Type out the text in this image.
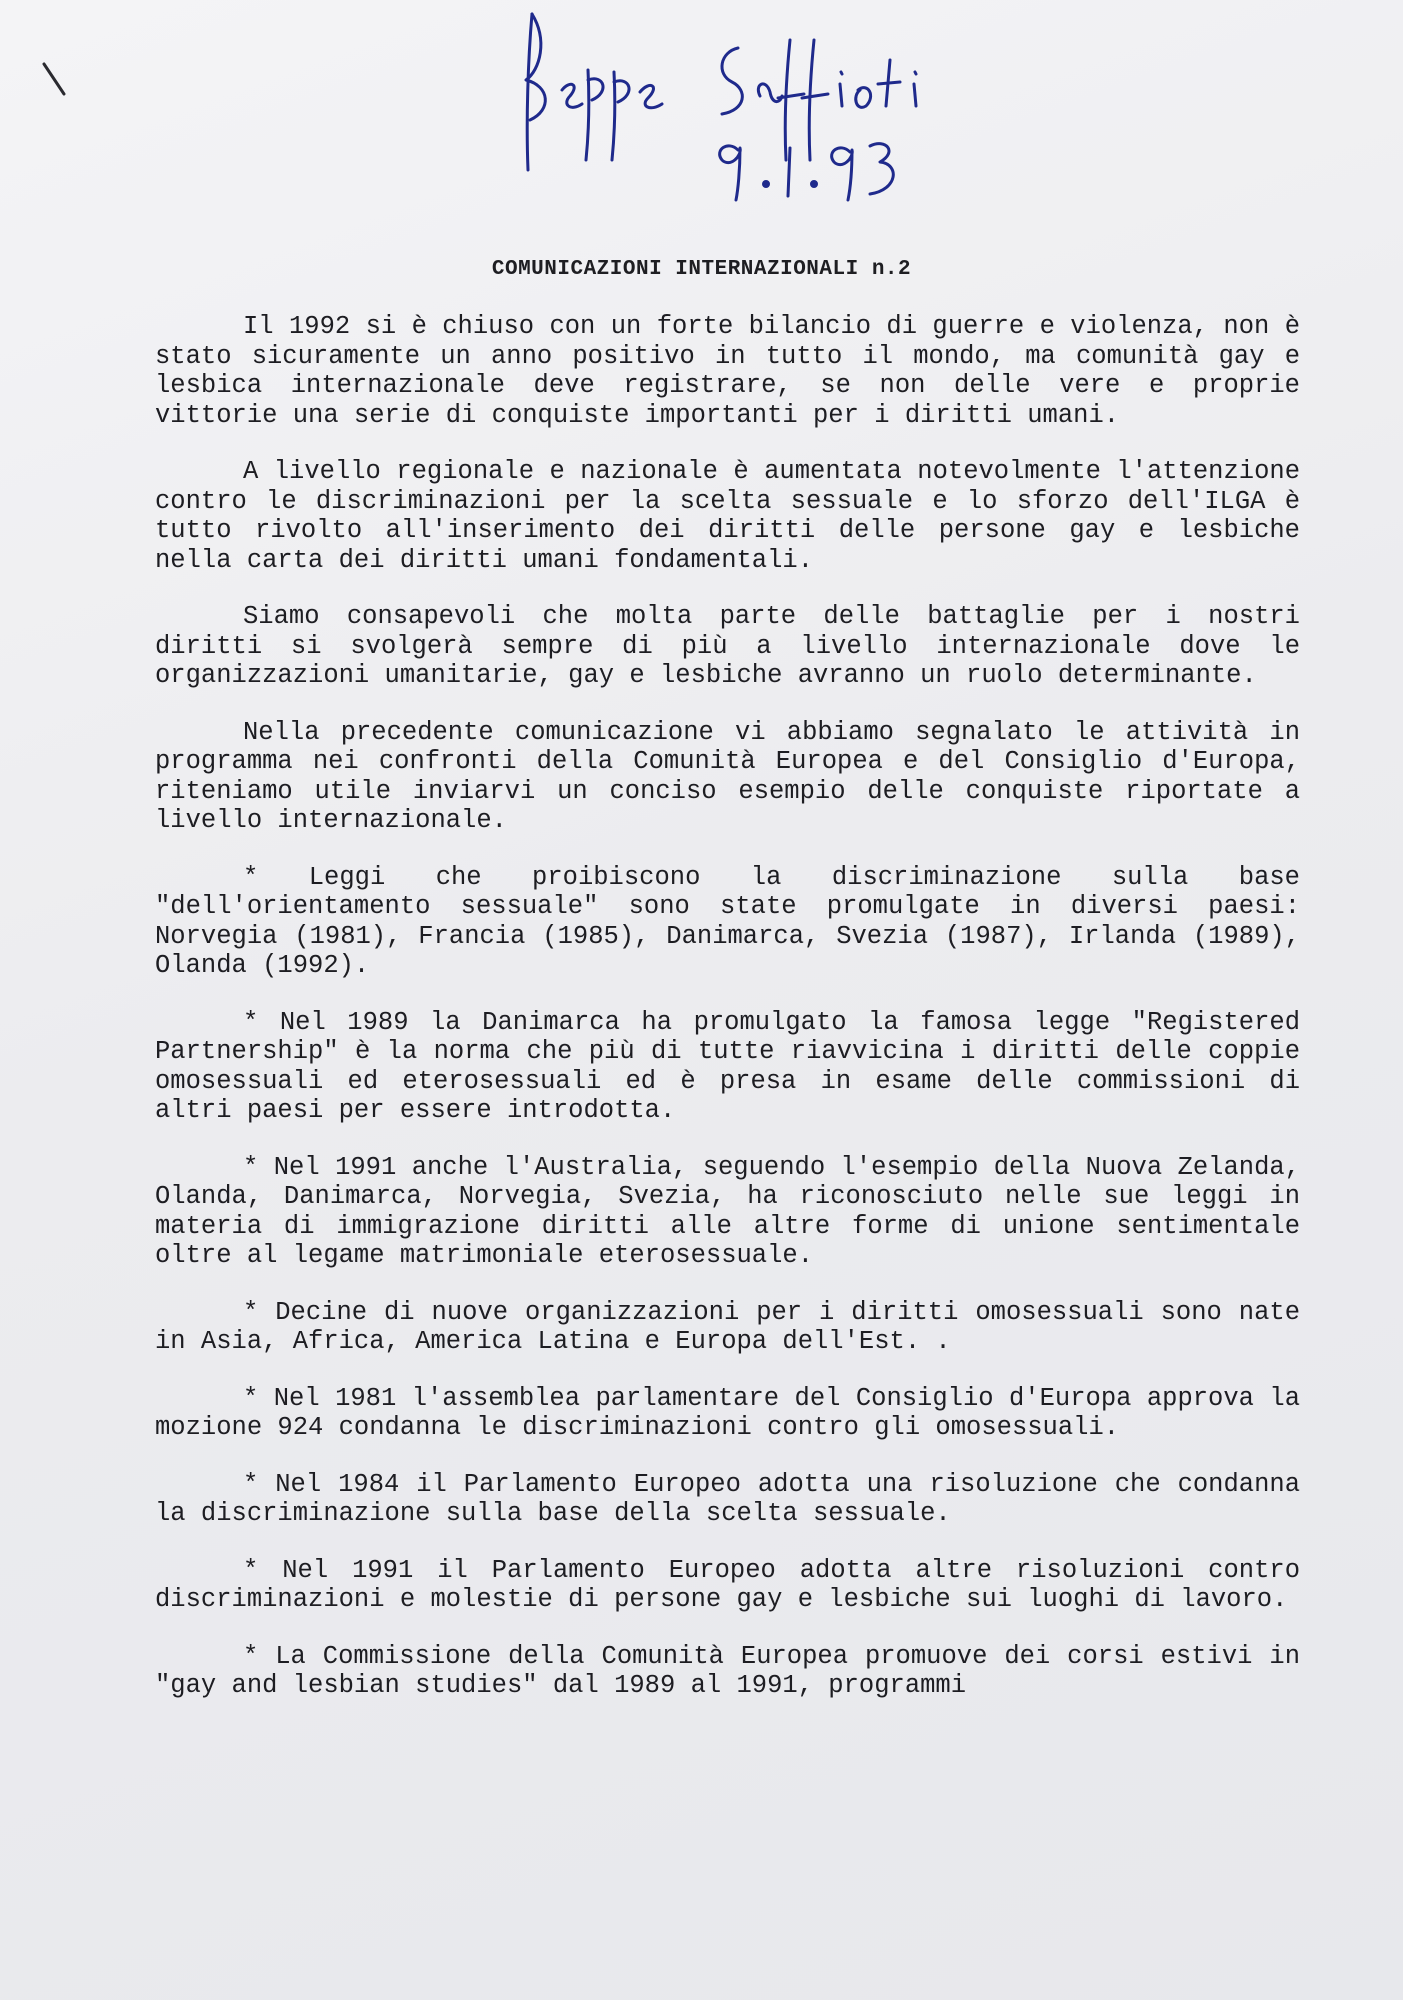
COMUNICAZIONI INTERNAZIONALI n.2

Il 1992 si è chiuso con un forte bilancio di guerre e violenza, non è stato sicuramente un anno positivo in tutto il mondo, ma comunità gay e lesbica internazionale deve registrare, se non delle vere e proprie vittorie una serie di conquiste importanti per i diritti umani.

A livello regionale e nazionale è aumentata notevolmente l'attenzione contro le discriminazioni per la scelta sessuale e lo sforzo dell'ILGA è tutto rivolto all'inserimento dei diritti delle persone gay e lesbiche nella carta dei diritti umani fondamentali.

Siamo consapevoli che molta parte delle battaglie per i nostri diritti si svolgerà sempre di più a livello internazionale dove le organizzazioni umanitarie, gay e lesbiche avranno un ruolo determinante.

Nella precedente comunicazione vi abbiamo segnalato le attività in programma nei confronti della Comunità Europea e del Consiglio d'Europa, riteniamo utile inviarvi un conciso esempio delle conquiste riportate a livello internazionale.

* Leggi che proibiscono la discriminazione sulla base "dell'orientamento sessuale" sono state promulgate in diversi paesi: Norvegia (1981), Francia (1985), Danimarca, Svezia (1987), Irlanda (1989), Olanda (1992).

* Nel 1989 la Danimarca ha promulgato la famosa legge "Registered Partnership" è la norma che più di tutte riavvicina i diritti delle coppie omosessuali ed eterosessuali ed è presa in esame delle commissioni di altri paesi per essere introdotta.

* Nel 1991 anche l'Australia, seguendo l'esempio della Nuova Zelanda, Olanda, Danimarca, Norvegia, Svezia, ha riconosciuto nelle sue leggi in materia di immigrazione diritti alle altre forme di unione sentimentale oltre al legame matrimoniale eterosessuale.

* Decine di nuove organizzazioni per i diritti omosessuali sono nate in Asia, Africa, America Latina e Europa dell'Est. .

* Nel 1981 l'assemblea parlamentare del Consiglio d'Europa approva la mozione 924 condanna le discriminazioni contro gli omosessuali.

* Nel 1984 il Parlamento Europeo adotta una risoluzione che condanna la discriminazione sulla base della scelta sessuale.

* Nel 1991 il Parlamento Europeo adotta altre risoluzioni contro discriminazioni e molestie di persone gay e lesbiche sui luoghi di lavoro.

* La Commissione della Comunità Europea promuove dei corsi estivi in "gay and lesbian studies" dal 1989 al 1991, programmi
